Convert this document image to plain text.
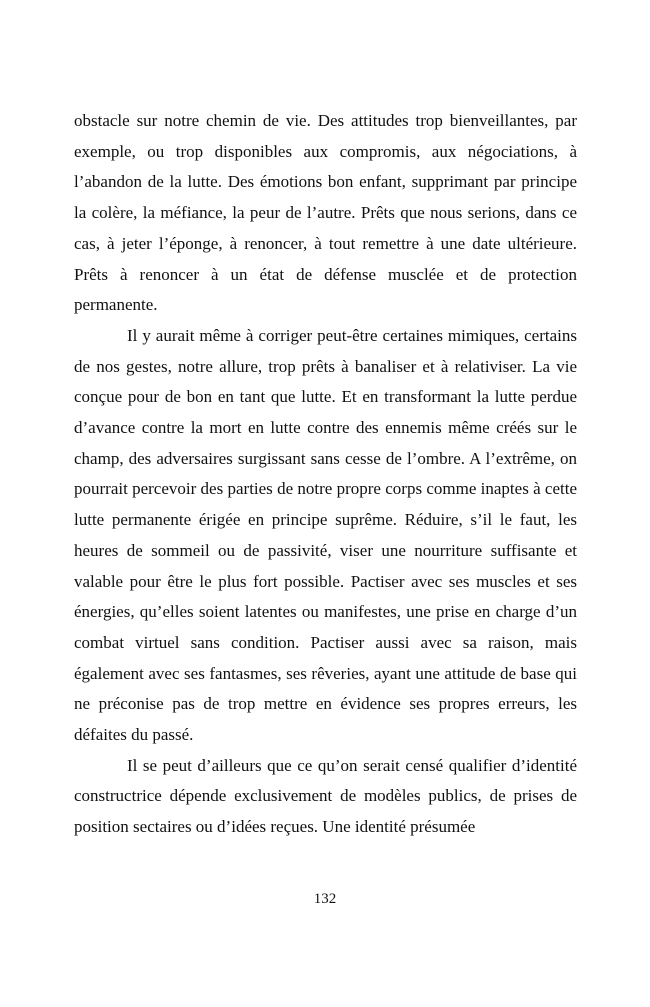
obstacle sur notre chemin de vie. Des attitudes trop bienveillantes, par exemple, ou trop disponibles aux compromis, aux négociations, à l’abandon de la lutte. Des émotions bon enfant, supprimant par principe la colère, la méfiance, la peur de l’autre. Prêts que nous serions, dans ce cas, à jeter l’éponge, à renoncer, à tout remettre à une date ultérieure. Prêts à renoncer à un état de défense musclée et de protection permanente.

Il y aurait même à corriger peut-être certaines mimiques, certains de nos gestes, notre allure, trop prêts à banaliser et à relativiser. La vie conçue pour de bon en tant que lutte. Et en transformant la lutte perdue d’avance contre la mort en lutte contre des ennemis même créés sur le champ, des adversaires surgissant sans cesse de l’ombre. A l’extrême, on pourrait percevoir des parties de notre propre corps comme inaptes à cette lutte permanente érigée en principe suprême. Réduire, s’il le faut, les heures de sommeil ou de passivité, viser une nourriture suffisante et valable pour être le plus fort possible. Pactiser avec ses muscles et ses énergies, qu’elles soient latentes ou manifestes, une prise en charge d’un combat virtuel sans condition. Pactiser aussi avec sa raison, mais également avec ses fantasmes, ses rêveries, ayant une attitude de base qui ne préconise pas de trop mettre en évidence ses propres erreurs, les défaites du passé.

Il se peut d’ailleurs que ce qu’on serait censé qualifier d’identité constructrice dépende exclusivement de modèles publics, de prises de position sectaires ou d’idées reçues. Une identité présumée

132
